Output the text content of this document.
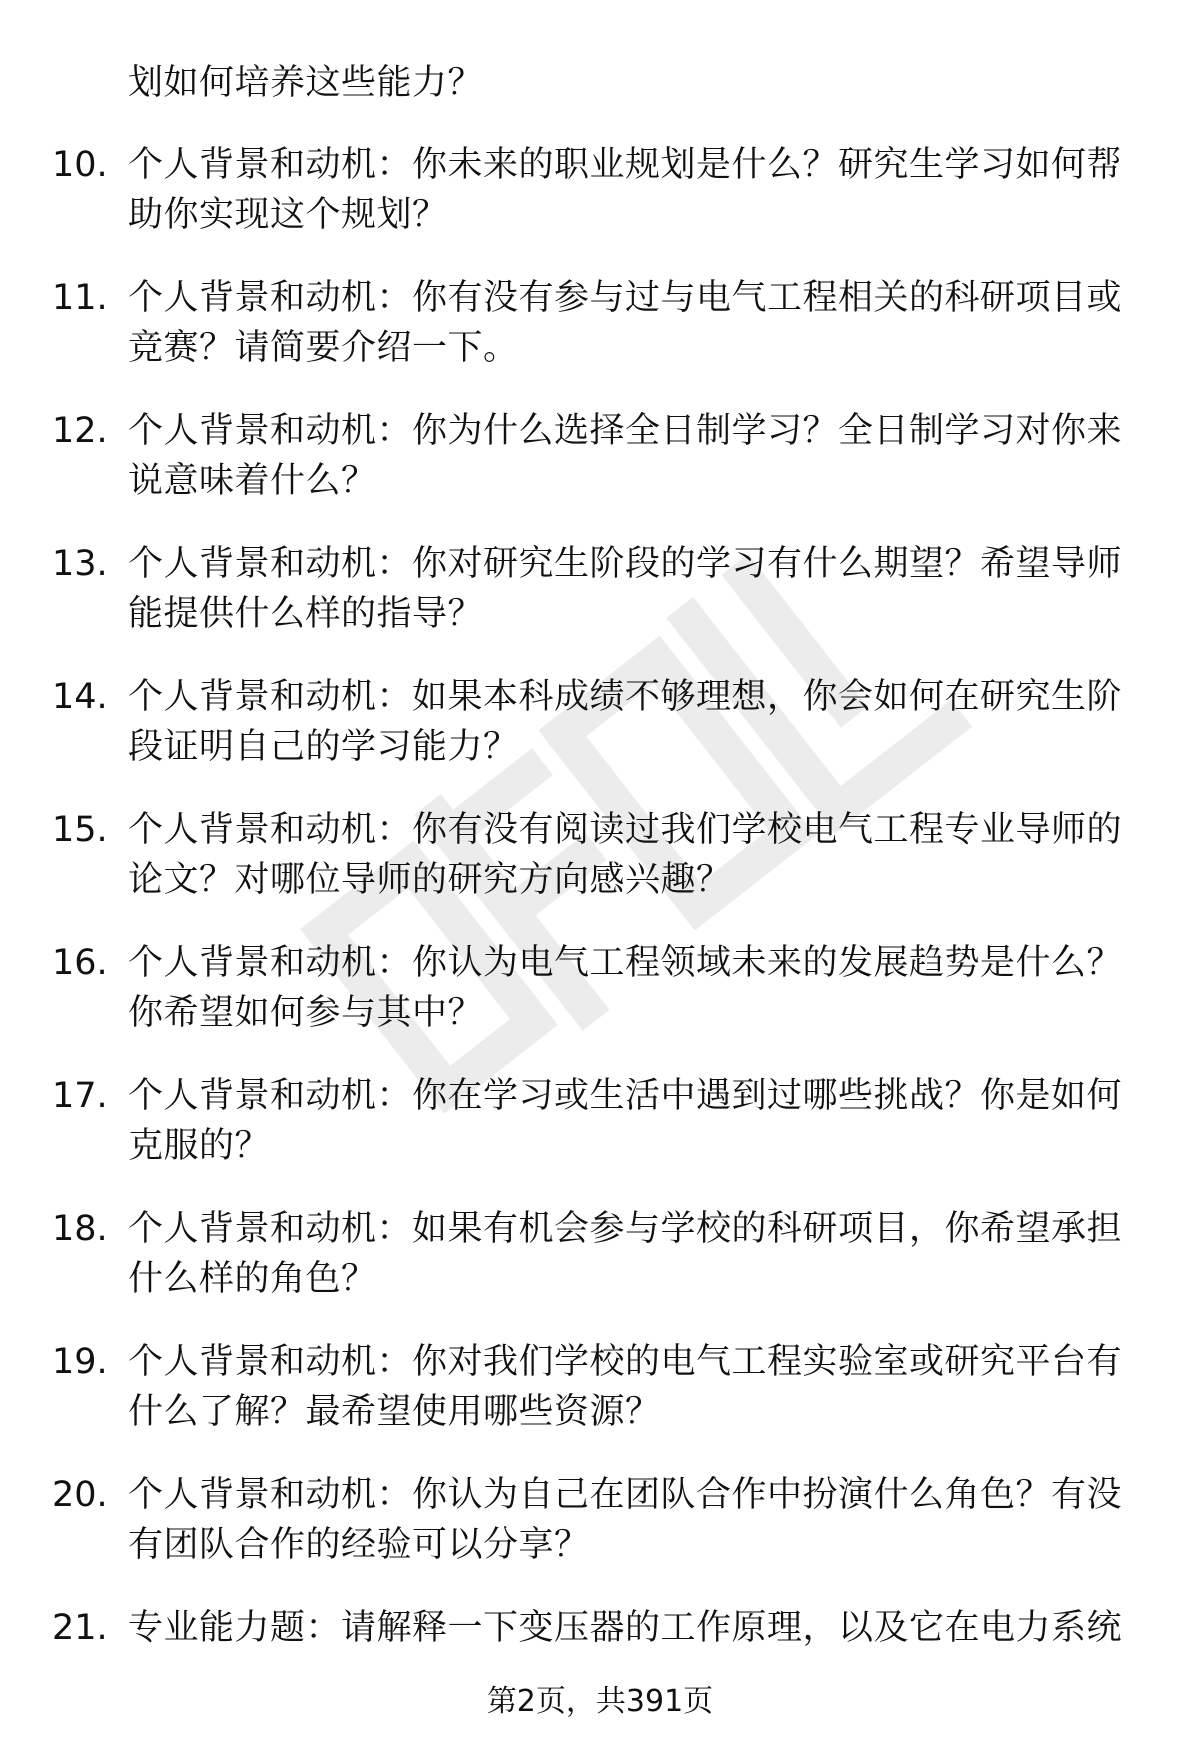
划如何培养这些能力？
10. 个人背景和动机：你未来的职业规划是什么？研究生学习如何帮助你实现这个规划？
11. 个人背景和动机：你有没有参与过与电气工程相关的科研项目或竞赛？请简要介绍一下。
12. 个人背景和动机：你为什么选择全日制学习？全日制学习对你来说意味着什么？
13. 个人背景和动机：你对研究生阶段的学习有什么期望？希望导师能提供什么样的指导？
14. 个人背景和动机：如果本科成绩不够理想，你会如何在研究生阶段证明自己的学习能力？
15. 个人背景和动机：你有没有阅读过我们学校电气工程专业导师的论文？对哪位导师的研究方向感兴趣？
16. 个人背景和动机：你认为电气工程领域未来的发展趋势是什么？你希望如何参与其中？
17. 个人背景和动机：你在学习或生活中遇到过哪些挑战？你是如何克服的？
18. 个人背景和动机：如果有机会参与学校的科研项目，你希望承担什么样的角色？
19. 个人背景和动机：你对我们学校的电气工程实验室或研究平台有什么了解？最希望使用哪些资源？
20. 个人背景和动机：你认为自己在团队合作中扮演什么角色？有没有团队合作的经验可以分享？
21. 专业能力题：请解释一下变压器的工作原理，以及它在电力系统
第2页，共391页
